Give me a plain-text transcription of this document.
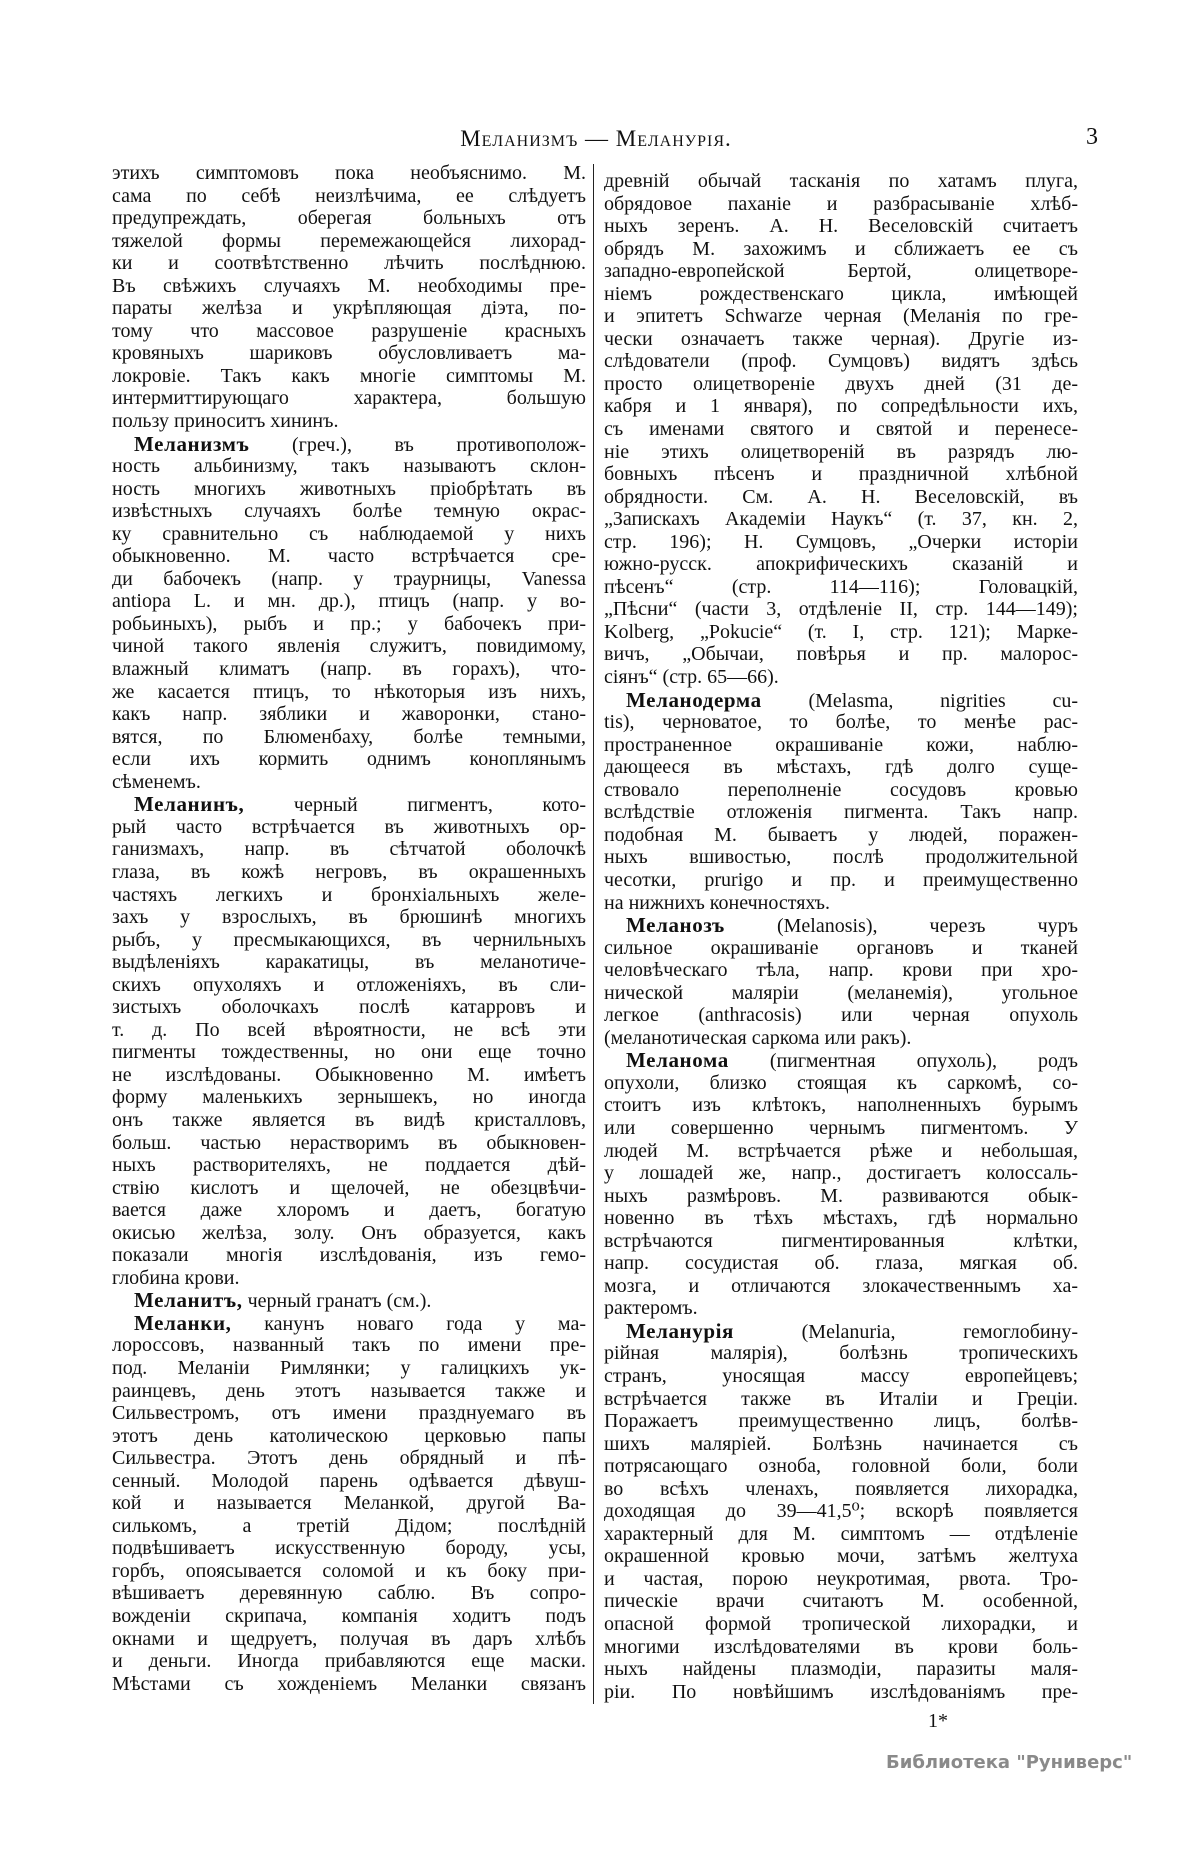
Меланизмъ — Меланурія.	3
этихъ симптомовъ пока необъяснимо. М.
сама по себѣ неизлѣчима, ее слѣдуетъ
предупреждать, оберегая больныхъ отъ
тяжелой формы перемежающейся лихорад-
ки и соотвѣтственно лѣчить послѣднюю.
Въ свѣжихъ случаяхъ М. необходимы пре-
параты желѣза и укрѣпляющая діэта, по-
тому что массовое разрушеніе красныхъ
кровяныхъ шариковъ обусловливаетъ ма-
локровіе. Такъ какъ многіе симптомы М.
интермиттирующаго характера, большую
пользу приноситъ хининъ.
Меланизмъ (греч.), въ противополож-
ность альбинизму, такъ называютъ склон-
ность многихъ животныхъ пріобрѣтать въ
извѣстныхъ случаяхъ болѣе темную окрас-
ку сравнительно съ наблюдаемой у нихъ
обыкновенно. М. часто встрѣчается сре-
ди бабочекъ (напр. у траурницы, Vanessa
antiopa L. и мн. др.), птицъ (напр. у во-
робьиныхъ), рыбъ и пр.; у бабочекъ при-
чиной такого явленія служитъ, повидимому,
влажный климатъ (напр. въ горахъ), что-
же касается птицъ, то нѣкоторыя изъ нихъ,
какъ напр. зяблики и жаворонки, стано-
вятся, по Блюменбаху, болѣе темными,
если ихъ кормить однимъ коноплянымъ
сѣменемъ.
Меланинъ, черный пигментъ, кото-
рый часто встрѣчается въ животныхъ ор-
ганизмахъ, напр. въ сѣтчатой оболочкѣ
глаза, въ кожѣ негровъ, въ окрашенныхъ
частяхъ легкихъ и бронхіальныхъ желе-
захъ у взрослыхъ, въ брюшинѣ многихъ
рыбъ, у пресмыкающихся, въ чернильныхъ
выдѣленіяхъ каракатицы, въ меланотиче-
скихъ опухоляхъ и отложеніяхъ, въ сли-
зистыхъ оболочкахъ послѣ катарровъ и
т. д. По всей вѣроятности, не всѣ эти
пигменты тождественны, но они еще точно
не изслѣдованы. Обыкновенно М. имѣетъ
форму маленькихъ зернышекъ, но иногда
онъ также является въ видѣ кристалловъ,
больш. частью нерастворимъ въ обыкновен-
ныхъ растворителяхъ, не поддается дѣй-
ствію кислотъ и щелочей, не обезцвѣчи-
вается даже хлоромъ и даетъ, богатую
окисью желѣза, золу. Онъ образуется, какъ
показали многія изслѣдованія, изъ гемо-
глобина крови.
Меланитъ, черный гранатъ (см.).
Меланки, канунъ новаго года у ма-
лороссовъ, названный такъ по имени пре-
под. Меланіи Римлянки; у галицкихъ ук-
раинцевъ, день этотъ называется также и
Сильвестромъ, отъ имени празднуемаго въ
этотъ день католическою церковью папы
Сильвестра. Этотъ день обрядный и пѣ-
сенный. Молодой парень одѣвается дѣвуш-
кой и называется Меланкой, другой Ва-
силькомъ, а третій Дідом; послѣдній
подвѣшиваетъ искусственную бороду, усы,
горбъ, опоясывается соломой и къ боку при-
вѣшиваетъ деревянную саблю. Въ сопро-
вожденіи скрипача, компанія ходитъ подъ
окнами и щедруетъ, получая въ даръ хлѣбъ
и деньги. Иногда прибавляются еще маски.
Мѣстами съ хожденіемъ Меланки связанъ
древній обычай тасканія по хатамъ плуга,
обрядовое паханіе и разбрасываніе хлѣб-
ныхъ зеренъ. А. Н. Веселовскій считаетъ
обрядъ М. захожимъ и сближаетъ ее съ
западно-европейской Бертой, олицетворе-
ніемъ рождественскаго цикла, имѣющей
и эпитетъ Schwarze черная (Меланія по гре-
чески означаетъ также черная). Другіе из-
слѣдователи (проф. Сумцовъ) видятъ здѣсь
просто олицетвореніе двухъ дней (31 де-
кабря и 1 января), по сопредѣльности ихъ,
съ именами святого и святой и перенесе-
ніе этихъ олицетвореній въ разрядъ лю-
бовныхъ пѣсенъ и праздничной хлѣбной
обрядности. См. А. Н. Веселовскій, въ
„Запискахъ Академіи Наукъ“ (т. 37, кн. 2,
стр. 196); Н. Сумцовъ, „Очерки исторіи
южно-русск. апокрифическихъ сказаній и
пѣсенъ“ (стр. 114—116); Головацкій,
„Пѣсни“ (части 3, отдѣленіе II, стр. 144—149);
Kolberg, „Pokucie“ (т. I, стр. 121); Марке-
вичъ, „Обычаи, повѣрья и пр. малорос-
сіянъ“ (стр. 65—66).
Меланодерма (Melasma, nigrities cu-
tis), черноватое, то болѣе, то менѣе рас-
пространенное окрашиваніе кожи, наблю-
дающееся въ мѣстахъ, гдѣ долго суще-
ствовало переполненіе сосудовъ кровью
вслѣдствіе отложенія пигмента. Такъ напр.
подобная М. бываетъ у людей, поражен-
ныхъ вшивостью, послѣ продолжительной
чесотки, prurigo и пр. и преимущественно
на нижнихъ конечностяхъ.
Меланозъ (Melanosis), черезъ чуръ
сильное окрашиваніе органовъ и тканей
человѣческаго тѣла, напр. крови при хро-
нической маляріи (меланемія), угольное
легкое (anthracosis) или черная опухоль
(меланотическая саркома или ракъ).
Меланома (пигментная опухоль), родъ
опухоли, близко стоящая къ саркомѣ, со-
стоитъ изъ клѣтокъ, наполненныхъ бурымъ
или совершенно чернымъ пигментомъ. У
людей М. встрѣчается рѣже и небольшая,
у лошадей же, напр., достигаетъ колоссаль-
ныхъ размѣровъ. М. развиваются обык-
новенно въ тѣхъ мѣстахъ, гдѣ нормально
встрѣчаются пигментированныя клѣтки,
напр. сосудистая об. глаза, мягкая об.
мозга, и отличаются злокачественнымъ ха-
рактеромъ.
Меланурія (Melanuria, гемоглобину-
рійная малярія), болѣзнь тропическихъ
странъ, уносящая массу европейцевъ;
встрѣчается также въ Италіи и Греціи.
Поражаетъ преимущественно лицъ, болѣв-
шихъ маляріей. Болѣзнь начинается съ
потрясающаго озноба, головной боли, боли
во всѣхъ членахъ, появляется лихорадка,
доходящая до 39—41,5⁰; вскорѣ появляется
характерный для М. симптомъ — отдѣленіе
окрашенной кровью мочи, затѣмъ желтуха
и частая, порою неукротимая, рвота. Тро-
пическіе врачи считаютъ М. особенной,
опасной формой тропической лихорадки, и
многими изслѣдователями въ крови боль-
ныхъ найдены плазмодіи, паразиты маля-
ріи. По новѣйшимъ изслѣдованіямъ пре-
1*
Библиотека "Руниверс"
